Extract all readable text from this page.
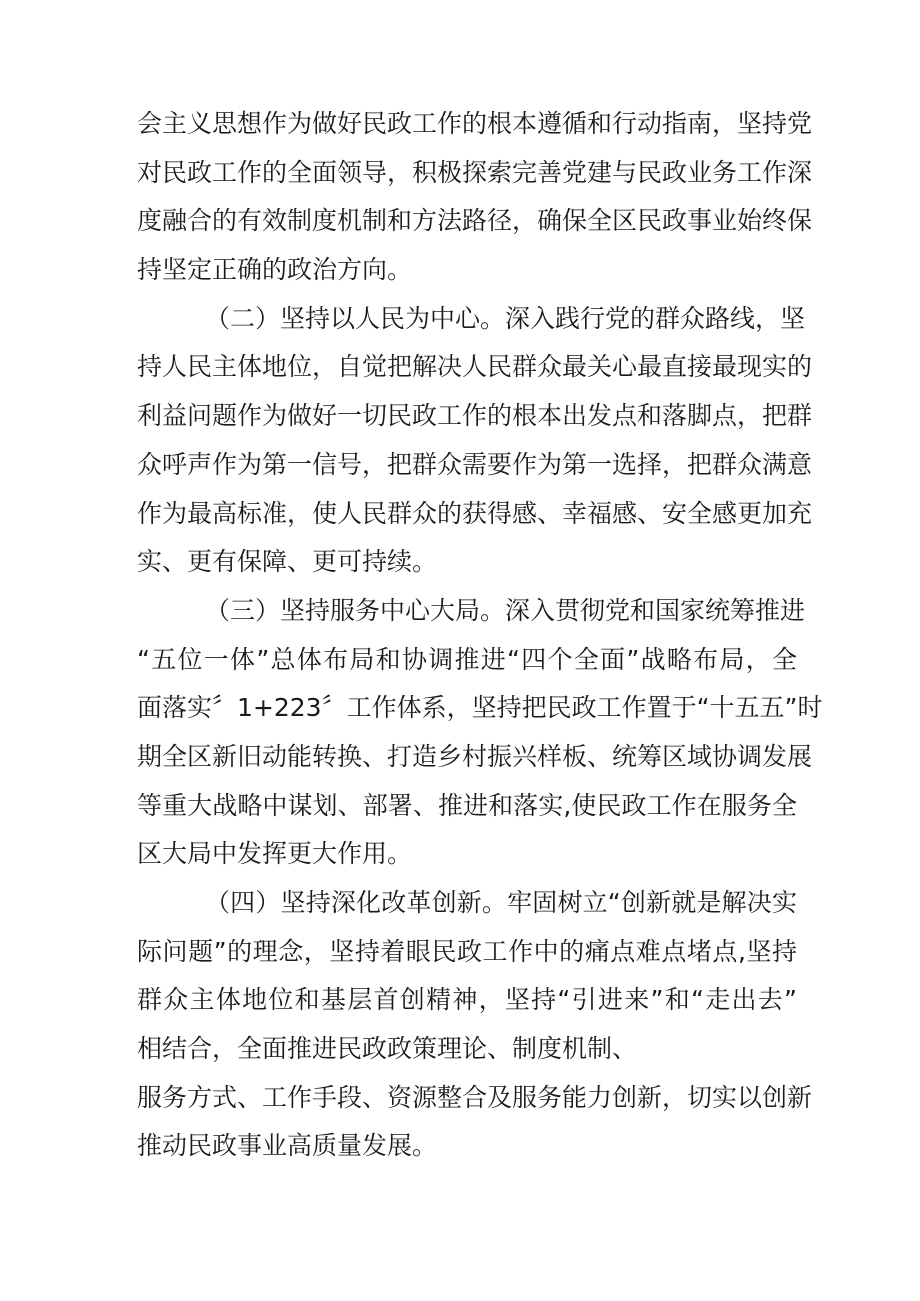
会主义思想作为做好民政工作的根本遵循和行动指南，坚持党
对民政工作的全面领导，积极探索完善党建与民政业务工作深
度融合的有效制度机制和方法路径，确保全区民政事业始终保
持坚定正确的政治方向。
（二）坚持以人民为中心。深入践行党的群众路线，坚
持人民主体地位，自觉把解决人民群众最关心最直接最现实的
利益问题作为做好一切民政工作的根本出发点和落脚点，把群
众呼声作为第一信号，把群众需要作为第一选择，把群众满意
作为最高标准，使人民群众的获得感、幸福感、安全感更加充
实、更有保障、更可持续。
（三）坚持服务中心大局。深入贯彻党和国家统筹推进
“五位一体”总体布局和协调推进“四个全面”战略布局，全
面落实〞1+223〞工作体系，坚持把民政工作置于“十五五”时
期全区新旧动能转换、打造乡村振兴样板、统筹区域协调发展
等重大战略中谋划、部署、推进和落实,使民政工作在服务全
区大局中发挥更大作用。
（四）坚持深化改革创新。牢固树立“创新就是解决实
际问题”的理念，坚持着眼民政工作中的痛点难点堵点,坚持
群众主体地位和基层首创精神，坚持“引进来”和“走出去”
相结合，全面推进民政政策理论、制度机制、
服务方式、工作手段、资源整合及服务能力创新，切实以创新
推动民政事业高质量发展。
